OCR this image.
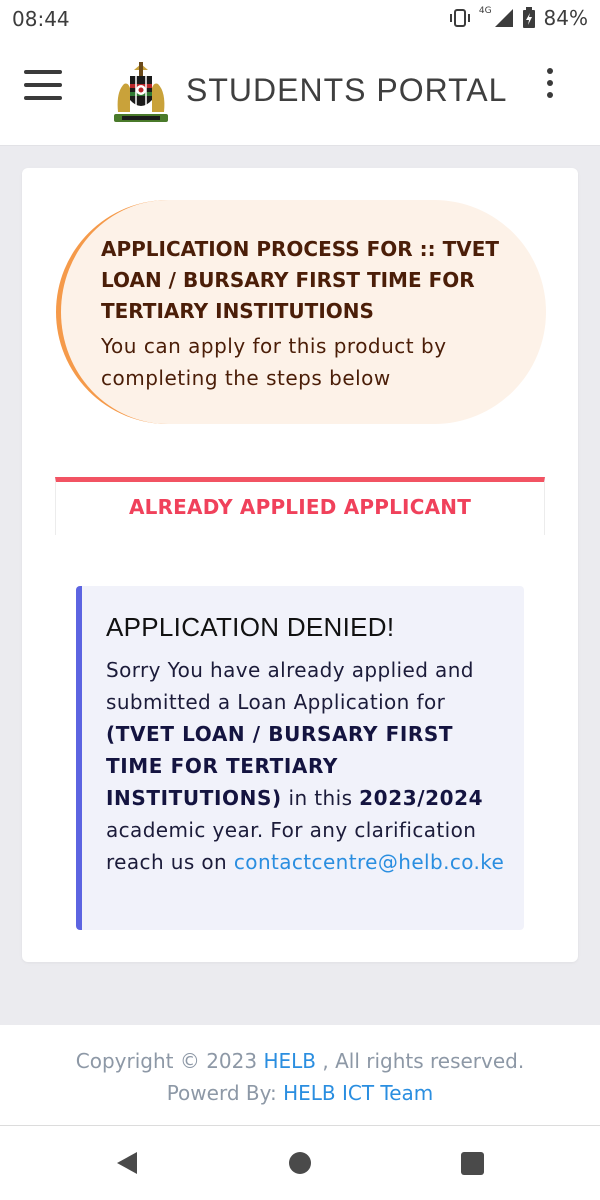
08:44	4G	84%
STUDENTS PORTAL
APPLICATION PROCESS FOR :: TVET LOAN / BURSARY FIRST TIME FOR TERTIARY INSTITUTIONS
You can apply for this product by completing the steps below
ALREADY APPLIED APPLICANT
APPLICATION DENIED!
Sorry You have already applied and submitted a Loan Application for (TVET LOAN / BURSARY FIRST TIME FOR TERTIARY INSTITUTIONS) in this 2023/2024 academic year. For any clarification reach us on contactcentre@helb.co.ke
Copyright © 2023 HELB , All rights reserved.
Powerd By: HELB ICT Team
